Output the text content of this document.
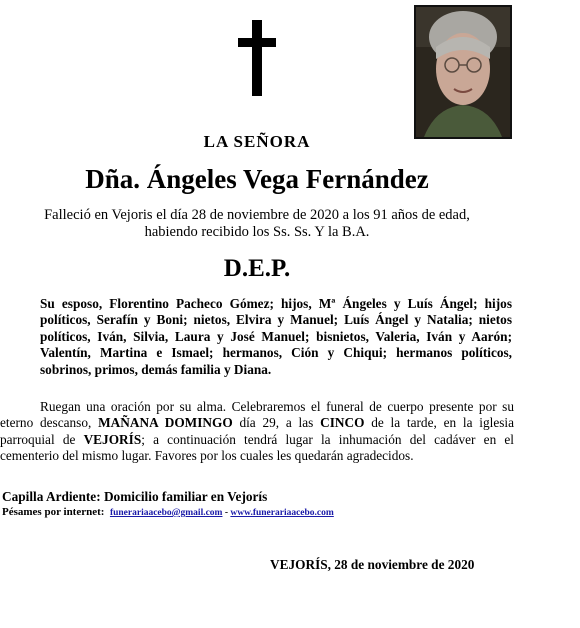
LA SEÑORA
Dña. Ángeles Vega Fernández
Falleció en Vejoris el día 28 de noviembre de 2020 a los 91 años de edad,
habiendo recibido los Ss. Ss. Y la B.A.
D.E.P.
Su esposo, Florentino Pacheco Gómez; hijos, Mª Ángeles y Luís Ángel; hijos políticos, Serafín y Boni; nietos, Elvira y Manuel; Luís Ángel y Natalia; nietos políticos, Iván, Silvia, Laura y José Manuel; bisnietos, Valeria, Iván y Aarón; Valentín, Martina e Ismael; hermanos, Ción y Chiqui; hermanos políticos, sobrinos, primos, demás familia y Diana.
Ruegan una oración por su alma. Celebraremos el funeral de cuerpo presente por su eterno descanso, MAÑANA DOMINGO día 29, a las CINCO de la tarde, en la iglesia parroquial de VEJORÍS; a continuación tendrá lugar la inhumación del cadáver en el cementerio del mismo lugar. Favores por los cuales les quedarán agradecidos.
Capilla Ardiente: Domicilio familiar en Vejorís
Pésames por internet: funerariaacebo@gmail.com - www.funerariaacebo.com
VEJORÍS, 28 de noviembre de 2020
